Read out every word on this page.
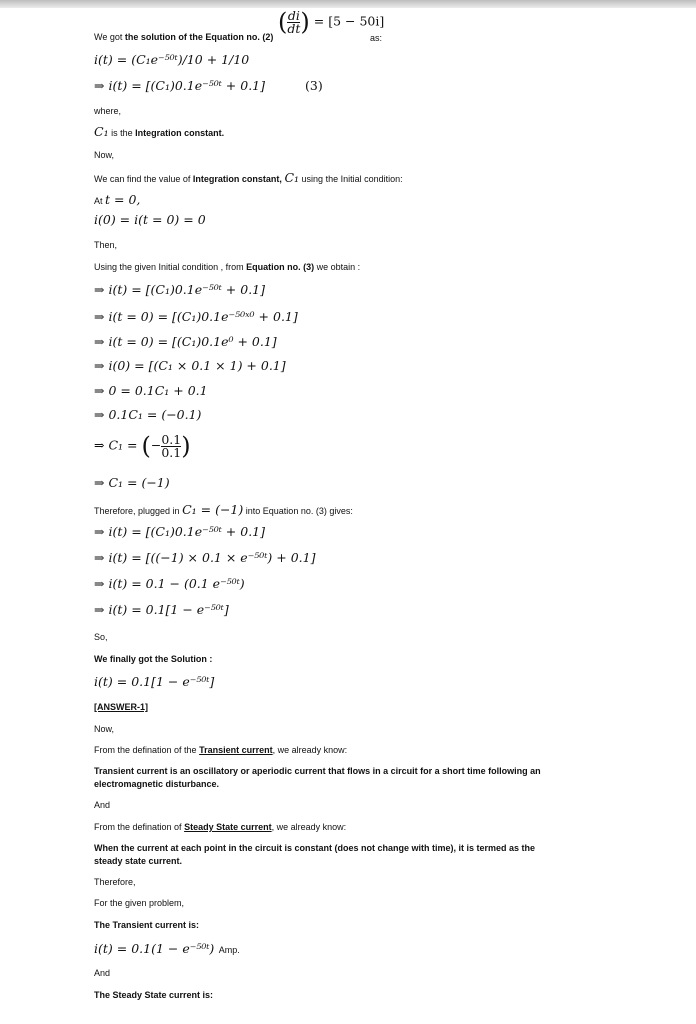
We got the solution of the Equation no. (2)
( $\frac{di}{dt}$ ) = [5 − 50i]
as:
i(t) = (C₁e⁻⁵⁰ᵗ)/10 + 1/10
⇒ i(t) = [(C₁)0.1e⁻⁵⁰ᵗ + 0.1]	(3)
where,
C₁ is the Integration constant.
Now,
We can find the value of Integration constant, C₁ using the Initial condition:
At t = 0,
i(0) = i(t = 0) = 0
Then,
Using the given Initial condition , from Equation no. (3) we obtain :
⇒ i(t) = [(C₁)0.1e⁻⁵⁰ᵗ + 0.1]
⇒ i(t = 0) = [(C₁)0.1e⁻⁵⁰ˣ⁰ + 0.1]
⇒ i(t = 0) = [(C₁)0.1e⁰ + 0.1]
⇒ i(0) = [(C₁ × 0.1 × 1) + 0.1]
⇒ 0 = 0.1C₁ + 0.1
⇒ 0.1C₁ = (−0.1)
⇒ C₁ = (− $\frac{0.1}{0.1}$ )
⇒ C₁ = (−1)
Therefore, plugged in C₁ = (−1) into Equation no. (3) gives:
⇒ i(t) = [(C₁)0.1e⁻⁵⁰ᵗ + 0.1]
⇒ i(t) = [((−1) × 0.1 × e⁻⁵⁰ᵗ) + 0.1]
⇒ i(t) = 0.1 − (0.1 e⁻⁵⁰ᵗ)
⇒ i(t) = 0.1[1 − e⁻⁵⁰ᵗ]
So,
We finally got the Solution :
i(t) = 0.1[1 − e⁻⁵⁰ᵗ]
[ANSWER-1]
Now,
From the defination of the Transient current, we already know:
Transient current is an oscillatory or aperiodic current that flows in a circuit for a short time following an electromagnetic disturbance.
And
From the defination of Steady State current, we already know:
When the current at each point in the circuit is constant (does not change with time), it is termed as the steady state current.
Therefore,
For the given problem,
The Transient current is:
i(t) = 0.1(1 − e⁻⁵⁰ᵗ) Amp.
And
The Steady State current is:
